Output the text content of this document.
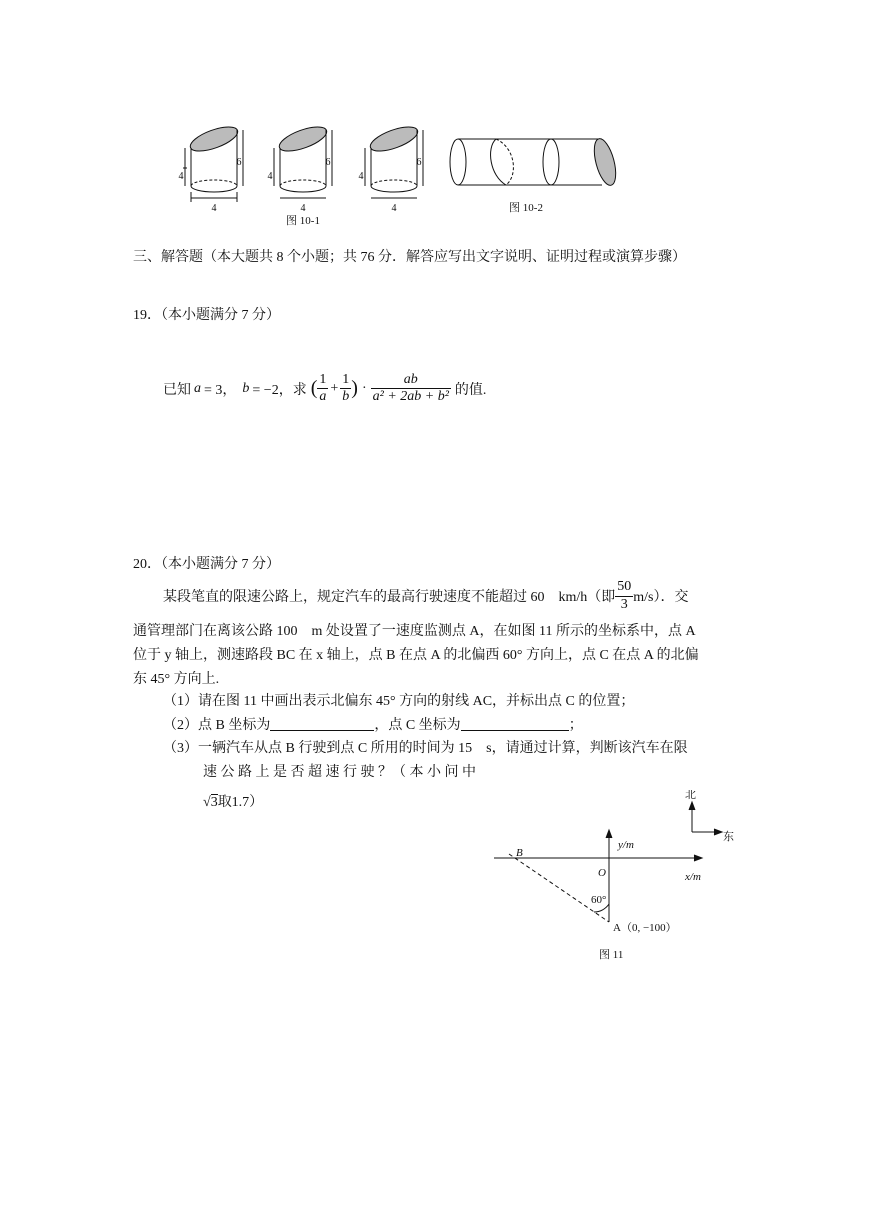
4	4	4
4	4	4
6	6	6
图 10-1
图 10-2
三、解答题（本大题共 8 个小题；共 76 分．解答应写出文字说明、证明过程或演算步骤）
19．（本小题满分 7 分）
已知 a = 3， b = −2，求 ( $\frac{1}{a} + \frac{1}{b}$ ) · $\frac{ab}{\text{a² + 2ab + b²}}$ 的值.
20．（本小题满分 7 分）
某段笔直的限速公路上，规定汽车的最高行驶速度不能超过 60　km/h（即 $\frac{50}{3} m/s$）．交
通管理部门在离该公路 100　m 处设置了一速度监测点 A，在如图 11 所示的坐标系中，点 A
位于 y 轴上，测速路段 BC 在 x 轴上，点 B 在点 A 的北偏西 60° 方向上，点 C 在点 A 的北偏
东 45° 方向上.
（1）请在图 11 中画出表示北偏东 45° 方向的射线 AC，并标出点 C 的位置；
（2）点 B 坐标为	，点 C 坐标为	；
（3）一辆汽车从点 B 行驶到点 C 所用的时间为 15　s，请通过计算，判断该汽车在限
速 公 路 上 是 否 超 速 行 驶 ？（ 本 小 问 中
√3取1.7）	北
东
y/m
x/m
O
B
60°
A（0, −100）
图 11
